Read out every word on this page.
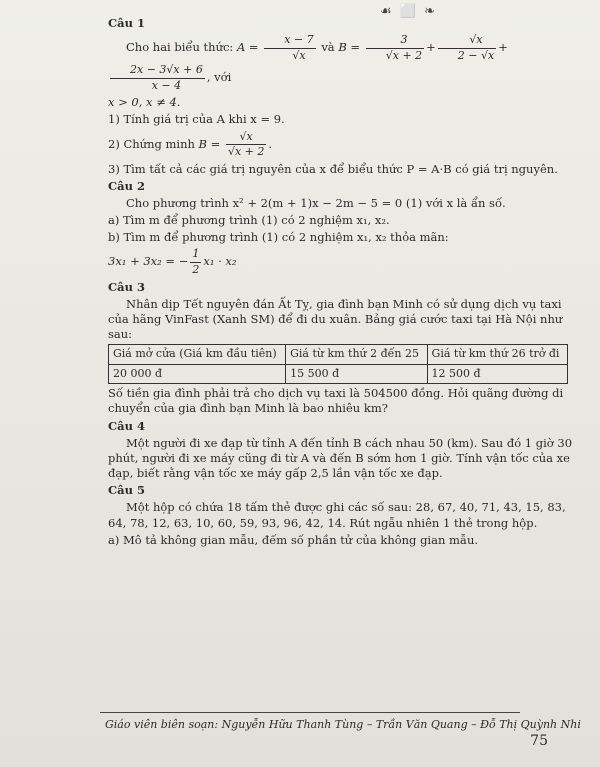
☙ ⬜ ❧
Câu 1

Cho hai biểu thức: $A = \frac{x - 7}{√x}$ và $B = \frac{3}{√x + 2} + \frac{√x}{2 - √x}$ +
$\frac{2x - 3√x + 6}{x - 4}$ , với

x > 0, x ≠ 4.

1) Tính giá trị của A khi x = 9.

2) Chứng minh $B = \frac{√x}{√x + 2}$ .

3) Tìm tất cả các giá trị nguyên của x để biểu thức P = A·B có giá trị nguyên.

Câu 2

Cho phương trình x² + 2(m + 1)x − 2m − 5 = 0 (1) với x là ẩn số.

a) Tìm m để phương trình (1) có 2 nghiệm x₁, x₂.

b) Tìm m để phương trình (1) có 2 nghiệm x₁, x₂ thỏa mãn:

3x₁ + 3x₂ = − $\frac{1}{2} x_1 \cdot x_2$

Câu 3

Nhân dịp Tết nguyên đán Ất Tỵ, gia đình bạn Minh có sử dụng dịch vụ taxi của hãng VinFast (Xanh SM) để đi du xuân. Bảng giá cước taxi tại Hà Nội như sau:

Giá mở cửa (Giá km đầu tiên)	Giá từ km thứ 2 đến 25	Giá từ km thứ 26 trở đi
20 000 đ	15 500 đ	12 500 đ

Số tiền gia đình phải trả cho dịch vụ taxi là 504500 đồng. Hỏi quãng đường di chuyển của gia đình bạn Minh là bao nhiêu km?

Câu 4

Một người đi xe đạp từ tỉnh A đến tỉnh B cách nhau 50 (km). Sau đó 1 giờ 30 phút, người đi xe máy cũng đi từ A và đến B sớm hơn 1 giờ. Tính vận tốc của xe đạp, biết rằng vận tốc xe máy gấp 2,5 lần vận tốc xe đạp.

Câu 5

Một hộp có chứa 18 tấm thẻ được ghi các số sau: 28, 67, 40, 71, 43, 15, 83, 64, 78, 12, 63, 10, 60, 59, 93, 96, 42, 14. Rút ngẫu nhiên 1 thẻ trong hộp.

a) Mô tả không gian mẫu, đếm số phần tử của không gian mẫu.

Giáo viên biên soạn: Nguyễn Hữu Thanh Tùng – Trần Văn Quang – Đỗ Thị Quỳnh Nhi
75
